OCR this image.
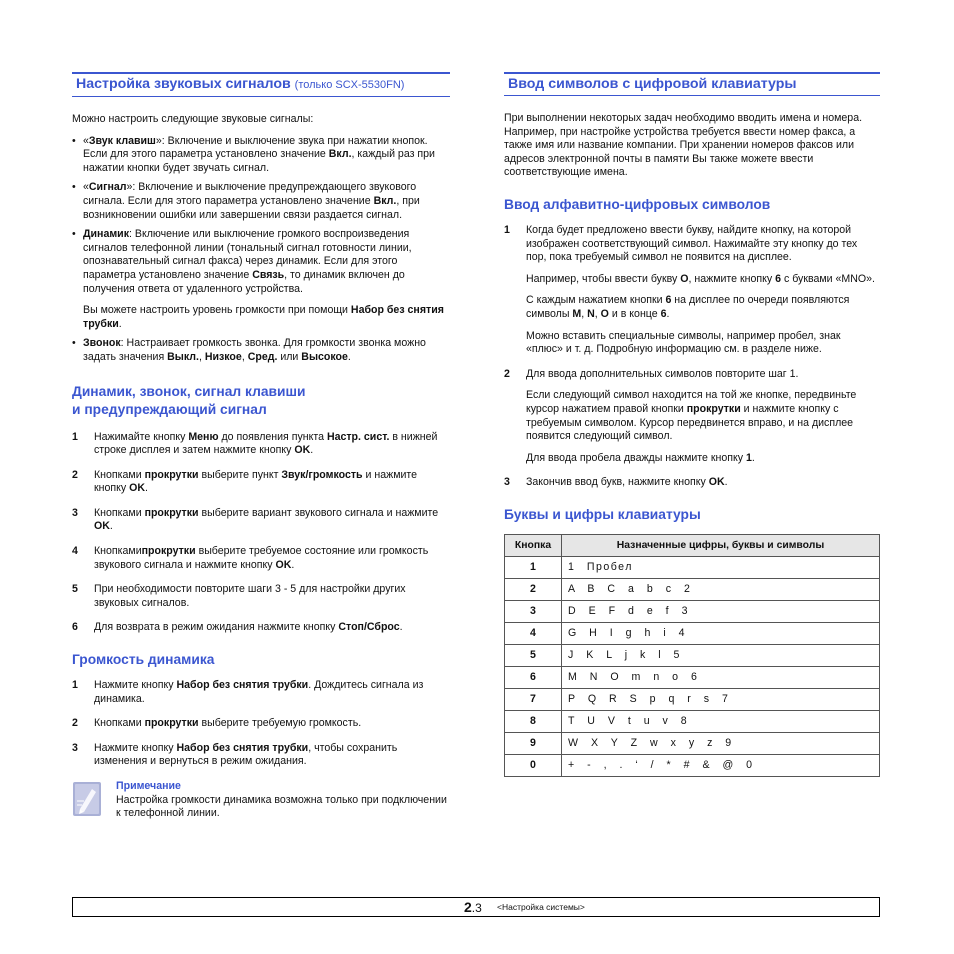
Настройка звуковых сигналов (только SCX-5530FN)

Можно настроить следующие звуковые сигналы:

• «Звук клавиш»: Включение и выключение звука при нажатии кнопок. Если для этого параметра установлено значение Вкл., каждый раз при нажатии кнопки будет звучать сигнал.
• «Сигнал»: Включение и выключение предупреждающего звукового сигнала. Если для этого параметра установлено значение Вкл., при возникновении ошибки или завершении связи раздается сигнал.
• Динамик: Включение или выключение громкого воспроизведения сигналов телефонной линии (тональный сигнал готовности линии, опознавательный сигнал факса) через динамик. Если для этого параметра установлено значение Связь, то динамик включен до получения ответа от удаленного устройства.

Вы можете настроить уровень громкости при помощи Набор без снятия трубки.

• Звонок: Настраивает громкость звонка. Для громкости звонка можно задать значения Выкл., Низкое, Сред. или Высокое.
Динамик, звонок, сигнал клавиши
и предупреждающий сигнал
1 Нажимайте кнопку Меню до появления пункта Настр. сист. в нижней строке дисплея и затем нажмите кнопку OK.
2 Кнопками прокрутки выберите пункт Звук/громкость и нажмите кнопку OK.
3 Кнопками прокрутки выберите вариант звукового сигнала и нажмите OK.
4 Кнопкамипрокрутки выберите требуемое состояние или громкость звукового сигнала и нажмите кнопку OK.
5 При необходимости повторите шаги 3 - 5 для настройки других звуковых сигналов.
6 Для возврата в режим ожидания нажмите кнопку Стоп/Сброс.
Громкость динамика
1 Нажмите кнопку Набор без снятия трубки. Дождитесь сигнала из динамика.
2 Кнопками прокрутки выберите требуемую громкость.
3 Нажмите кнопку Набор без снятия трубки, чтобы сохранить изменения и вернуться в режим ожидания.
Примечание
Настройка громкости динамика возможна только при подключении к телефонной линии.
Ввод символов с цифровой клавиатуры

При выполнении некоторых задач необходимо вводить имена и номера. Например, при настройке устройства требуется ввести номер факса, а также имя или название компании. При хранении номеров факсов или адресов электронной почты в памяти Вы также можете ввести соответствующие имена.

Ввод алфавитно-цифровых символов
1 Когда будет предложено ввести букву, найдите кнопку, на которой изображен соответствующий символ. Нажимайте эту кнопку до тех пор, пока требуемый символ не появится на дисплее.

Например, чтобы ввести букву O, нажмите кнопку 6 с буквами «MNO».

С каждым нажатием кнопки 6 на дисплее по очереди появляются символы M, N, O и в конце 6.

Можно вставить специальные символы, например пробел, знак «плюс» и т. д. Подробную информацию см. в разделе ниже.

2 Для ввода дополнительных символов повторите шаг 1.

Если следующий символ находится на той же кнопке, передвиньте курсор нажатием правой кнопки прокрутки и нажмите кнопку с требуемым символом. Курсор передвинется вправо, и на дисплее появится следующий символ.

Для ввода пробела дважды нажмите кнопку 1.

3 Закончив ввод букв, нажмите кнопку OK.
Буквы и цифры клавиатуры
Кнопка	Назначенные цифры, буквы и символы
1	1 Пробел
2	A B C a b c 2
3	D E F d e f 3
4	G H I g h i 4
5	J K L j k l 5
6	M N O m n o 6
7	P Q R S p q r s 7
8	T U V t u v 8
9	W X Y Z w x y z 9
0	+ - , . ‘ / * # & @ 0
2.3 <Настройка системы>
